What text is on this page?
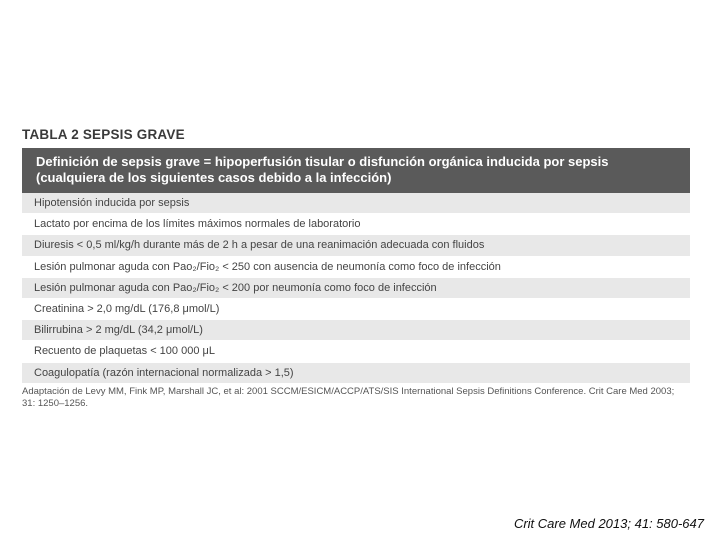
TABLA 2 SEPSIS GRAVE
Definición de sepsis grave = hipoperfusión tisular o disfunción orgánica inducida por sepsis (cualquiera de los siguientes casos debido a la infección)
Hipotensión inducida por sepsis
Lactato por encima de los límites máximos normales de laboratorio
Diuresis < 0,5 ml/kg/h durante más de 2 h a pesar de una reanimación adecuada con fluidos
Lesión pulmonar aguda con Pao₂/Fio₂ < 250 con ausencia de neumonía como foco de infección
Lesión pulmonar aguda con Pao₂/Fio₂ < 200 por neumonía como foco de infección
Creatinina > 2,0 mg/dL (176,8 μmol/L)
Bilirrubina > 2 mg/dL (34,2 μmol/L)
Recuento de plaquetas < 100 000 μL
Coagulopatía (razón internacional normalizada > 1,5)
Adaptación de Levy MM, Fink MP, Marshall JC, et al: 2001 SCCM/ESICM/ACCP/ATS/SIS International Sepsis Definitions Conference. Crit Care Med 2003; 31: 1250–1256.
Crit Care Med 2013; 41: 580-647
